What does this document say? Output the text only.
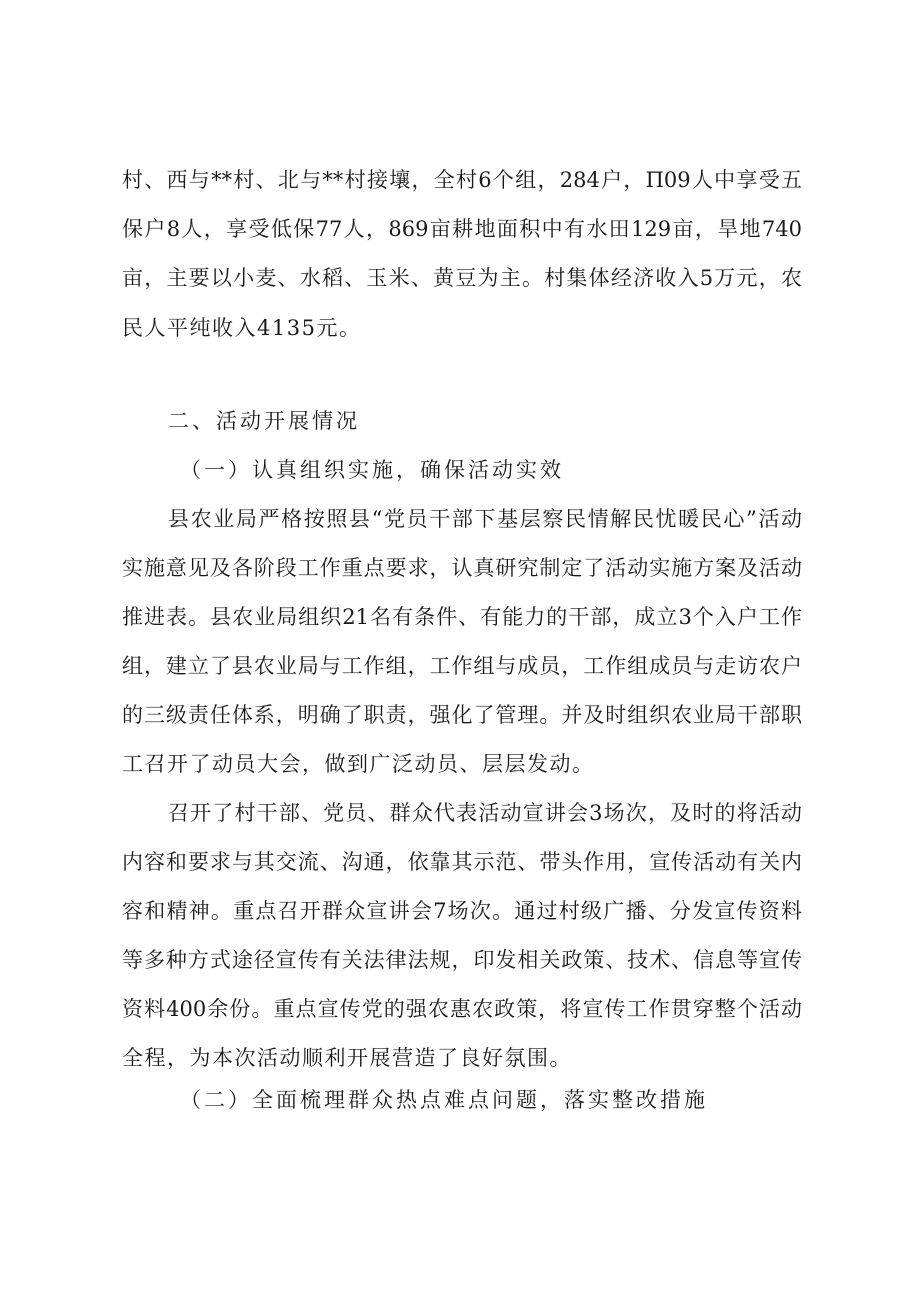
村、西与**村、北与**村接壤，全村6个组，284户，Π09人中享受五
保户8人，享受低保77人，869亩耕地面积中有水田129亩，旱地740
亩，主要以小麦、水稻、玉米、黄豆为主。村集体经济收入5万元，农
民人平纯收入4135元。
二、活动开展情况
（一）认真组织实施，确保活动实效
县农业局严格按照县“党员干部下基层察民情解民忧暖民心”活动
实施意见及各阶段工作重点要求，认真研究制定了活动实施方案及活动
推进表。县农业局组织21名有条件、有能力的干部，成立3个入户工作
组，建立了县农业局与工作组，工作组与成员，工作组成员与走访农户
的三级责任体系，明确了职责，强化了管理。并及时组织农业局干部职
工召开了动员大会，做到广泛动员、层层发动。
召开了村干部、党员、群众代表活动宣讲会3场次，及时的将活动
内容和要求与其交流、沟通，依靠其示范、带头作用，宣传活动有关内
容和精神。重点召开群众宣讲会7场次。通过村级广播、分发宣传资料
等多种方式途径宣传有关法律法规，印发相关政策、技术、信息等宣传
资料400余份。重点宣传党的强农惠农政策，将宣传工作贯穿整个活动
全程，为本次活动顺利开展营造了良好氛围。
（二）全面梳理群众热点难点问题，落实整改措施
